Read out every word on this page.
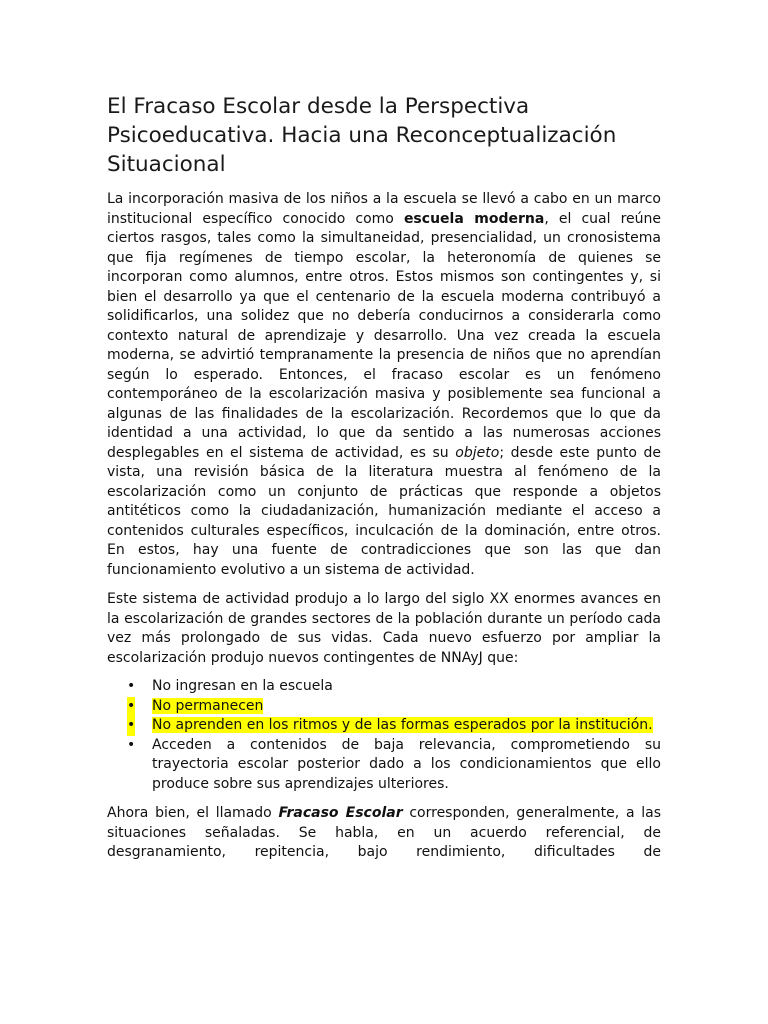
El Fracaso Escolar desde la Perspectiva
Psicoeducativa. Hacia una Reconceptualización
Situacional

La incorporación masiva de los niños a la escuela se llevó a cabo en un marco institucional específico conocido como escuela moderna, el cual reúne ciertos rasgos, tales como la simultaneidad, presencialidad, un cronosistema que fija regímenes de tiempo escolar, la heteronomía de quienes se incorporan como alumnos, entre otros. Estos mismos son contingentes y, si bien el desarrollo ya que el centenario de la escuela moderna contribuyó a solidificarlos, una solidez que no debería conducirnos a considerarla como contexto natural de aprendizaje y desarrollo. Una vez creada la escuela moderna, se advirtió tempranamente la presencia de niños que no aprendían según lo esperado. Entonces, el fracaso escolar es un fenómeno contemporáneo de la escolarización masiva y posiblemente sea funcional a algunas de las finalidades de la escolarización. Recordemos que lo que da identidad a una actividad, lo que da sentido a las numerosas acciones desplegables en el sistema de actividad, es su objeto; desde este punto de vista, una revisión básica de la literatura muestra al fenómeno de la escolarización como un conjunto de prácticas que responde a objetos antitéticos como la ciudadanización, humanización mediante el acceso a contenidos culturales específicos, inculcación de la dominación, entre otros. En estos, hay una fuente de contradicciones que son las que dan funcionamiento evolutivo a un sistema de actividad.

Este sistema de actividad produjo a lo largo del siglo XX enormes avances en la escolarización de grandes sectores de la población durante un período cada vez más prolongado de sus vidas. Cada nuevo esfuerzo por ampliar la escolarización produjo nuevos contingentes de NNAyJ que:

• No ingresan en la escuela
• No permanecen
• No aprenden en los ritmos y de las formas esperados por la institución.
• Acceden a contenidos de baja relevancia, comprometiendo su trayectoria escolar posterior dado a los condicionamientos que ello produce sobre sus aprendizajes ulteriores.

Ahora bien, el llamado Fracaso Escolar corresponden, generalmente, a las situaciones señaladas. Se habla, en un acuerdo referencial, de desgranamiento, repitencia, bajo rendimiento, dificultades de
